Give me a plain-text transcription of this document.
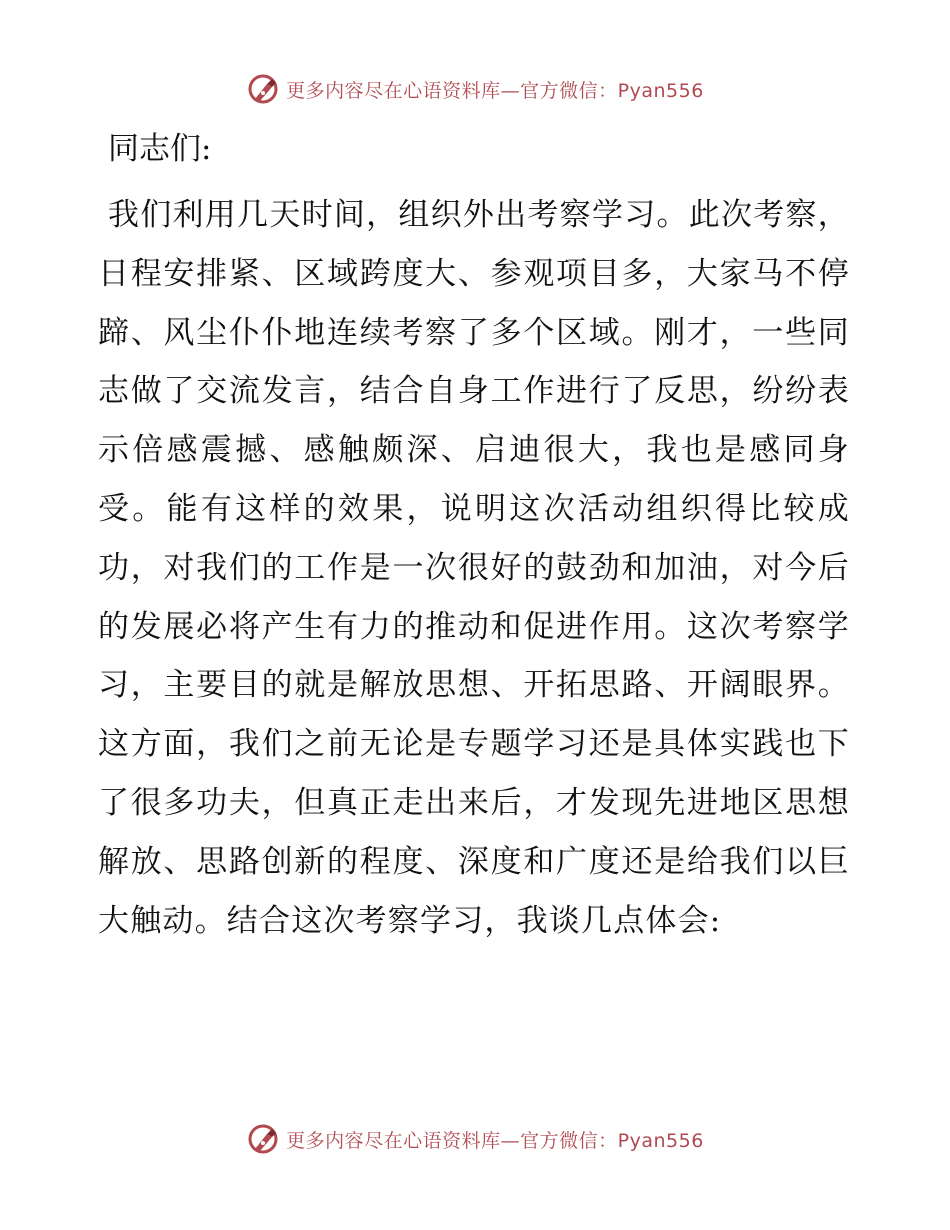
更多内容尽在心语资料库—官方微信：Pyan556

同志们:

我们利用几天时间，组织外出考察学习。此次考察，日程安排紧、区域跨度大、参观项目多，大家马不停蹄、风尘仆仆地连续考察了多个区域。刚才，一些同志做了交流发言，结合自身工作进行了反思，纷纷表示倍感震撼、感触颇深、启迪很大，我也是感同身受。能有这样的效果，说明这次活动组织得比较成功，对我们的工作是一次很好的鼓劲和加油，对今后的发展必将产生有力的推动和促进作用。这次考察学习，主要目的就是解放思想、开拓思路、开阔眼界。这方面，我们之前无论是专题学习还是具体实践也下了很多功夫，但真正走出来后，才发现先进地区思想解放、思路创新的程度、深度和广度还是给我们以巨大触动。结合这次考察学习，我谈几点体会:

更多内容尽在心语资料库—官方微信：Pyan556
